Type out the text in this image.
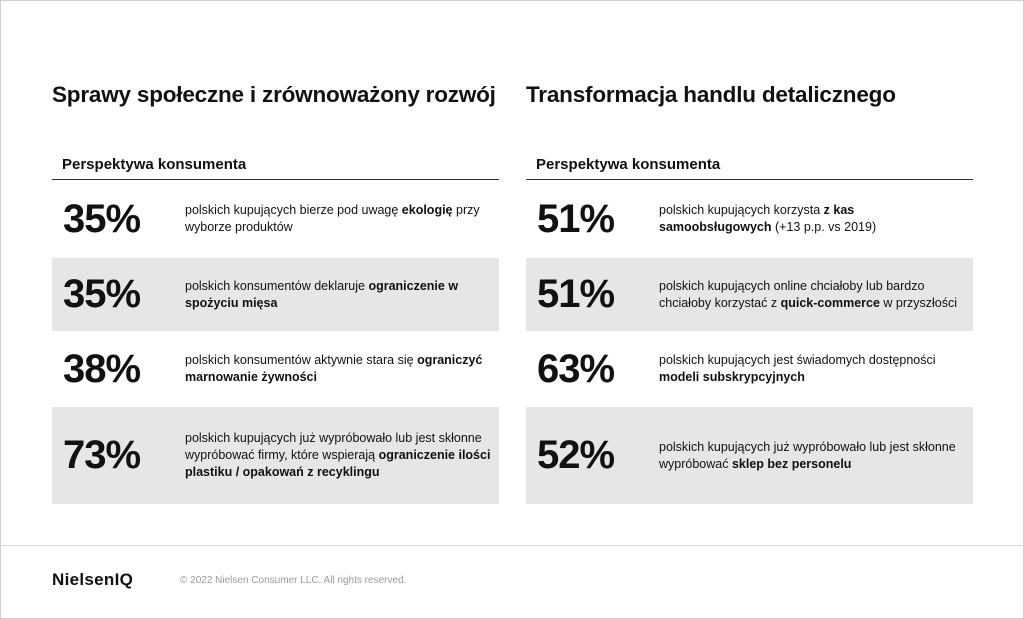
Sprawy społeczne i zrównoważony rozwój
Perspektywa konsumenta
35%	polskich kupujących bierze pod uwagę ekologię przy wyborze produktów
35%	polskich konsumentów deklaruje ograniczenie w spożyciu mięsa
38%	polskich konsumentów aktywnie stara się ograniczyć marnowanie żywności
73%	polskich kupujących już wypróbowało lub jest skłonne wypróbować firmy, które wspierają ograniczenie ilości plastiku / opakowań z recyklingu
Transformacja handlu detalicznego
Perspektywa konsumenta
51%	polskich kupujących korzysta z kas samoobsługowych (+13 p.p. vs 2019)
51%	polskich kupujących online chciałoby lub bardzo chciałoby korzystać z quick-commerce w przyszłości
63%	polskich kupujących jest świadomych dostępności modeli subskrypcyjnych
52%	polskich kupujących już wypróbowało lub jest skłonne wypróbować sklep bez personelu
NielsenIQ	© 2022 Nielsen Consumer LLC. All rights reserved.
